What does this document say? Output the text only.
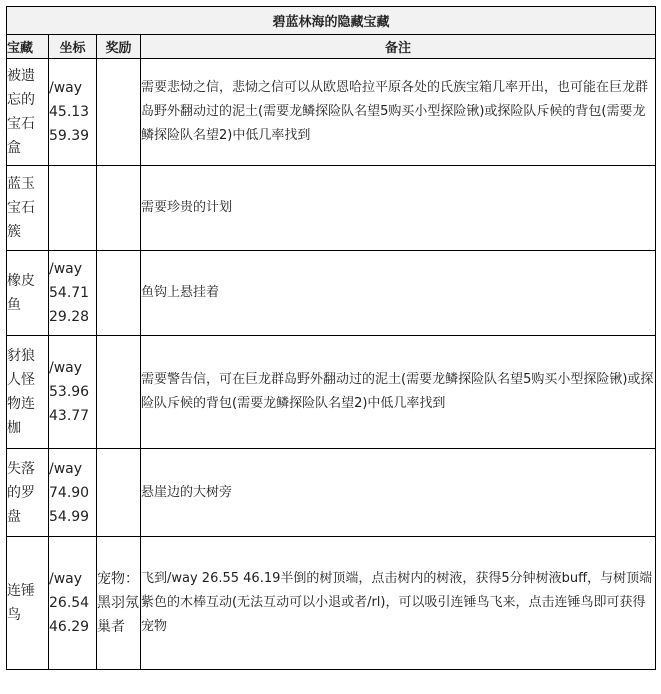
碧蓝林海的隐藏宝藏			
宝藏	坐标	奖励	备注
被遗忘的宝石盒	/way
45.13
59.39		需要悲恸之信，悲恸之信可以从欧恩哈拉平原各处的氏族宝箱几率开出，也可能在巨龙群岛野外翻动过的泥土(需要龙鳞探险队名望5购买小型探险锹)或探险队斥候的背包(需要龙鳞探险队名望2)中低几率找到
蓝玉宝石簇			需要珍贵的计划
橡皮鱼	/way
54.71
29.28		鱼钩上悬挂着
豺狼人怪物连枷	/way
53.96
43.77		需要警告信，可在巨龙群岛野外翻动过的泥土(需要龙鳞探险队名望5购买小型探险锹)或探险队斥候的背包(需要龙鳞探险队名望2)中低几率找到
失落的罗盘	/way
74.90
54.99		悬崖边的大树旁
连锤鸟	/way
26.54
46.29	宠物：黑羽氖巢者	飞到/way 26.55 46.19半倒的树顶端，点击树内的树液，获得5分钟树液buff，与树顶端紫色的木棒互动(无法互动可以小退或者/rl)，可以吸引连锤鸟飞来，点击连锤鸟即可获得宠物
